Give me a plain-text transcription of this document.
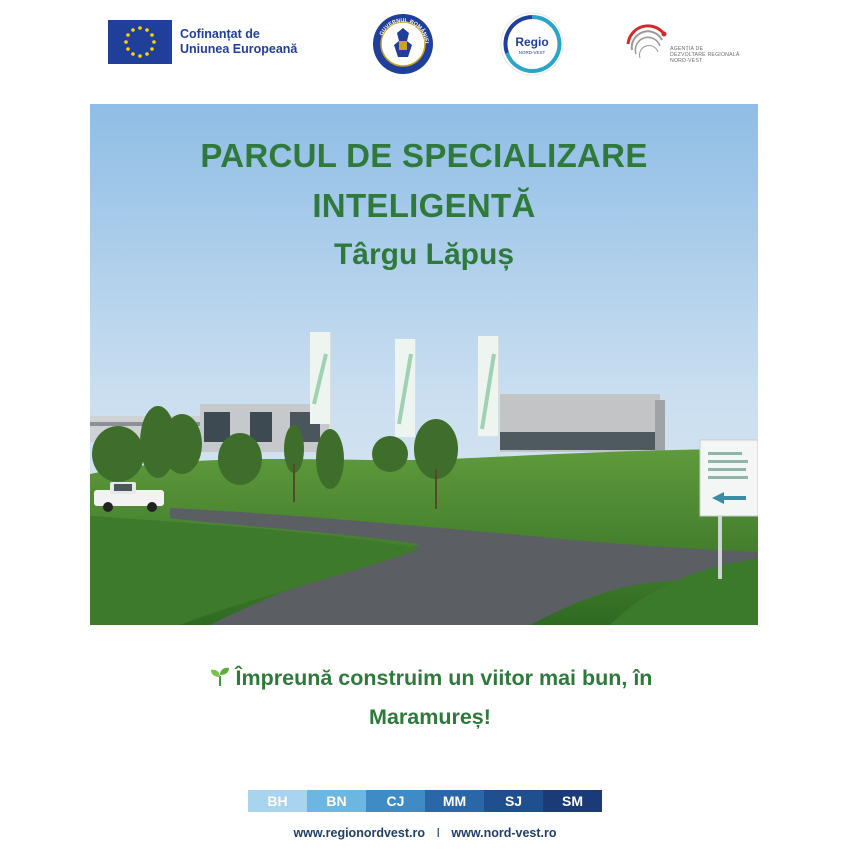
Cofinanțat de
Uniunea Europeană
GUVERNUL ROMÂNIEI	Regio
NORD-VEST
AGENȚIA DE
DEZVOLTARE REGIONALĂ
NORD-VEST
PARCUL DE SPECIALIZARE
INTELIGENTĂ
Târgu Lăpuș
Împreună construim un viitor mai bun, în
Maramureș!
BH	BN	CJ	MM	SJ	SM
www.regionordvest.ro I www.nord-vest.ro
